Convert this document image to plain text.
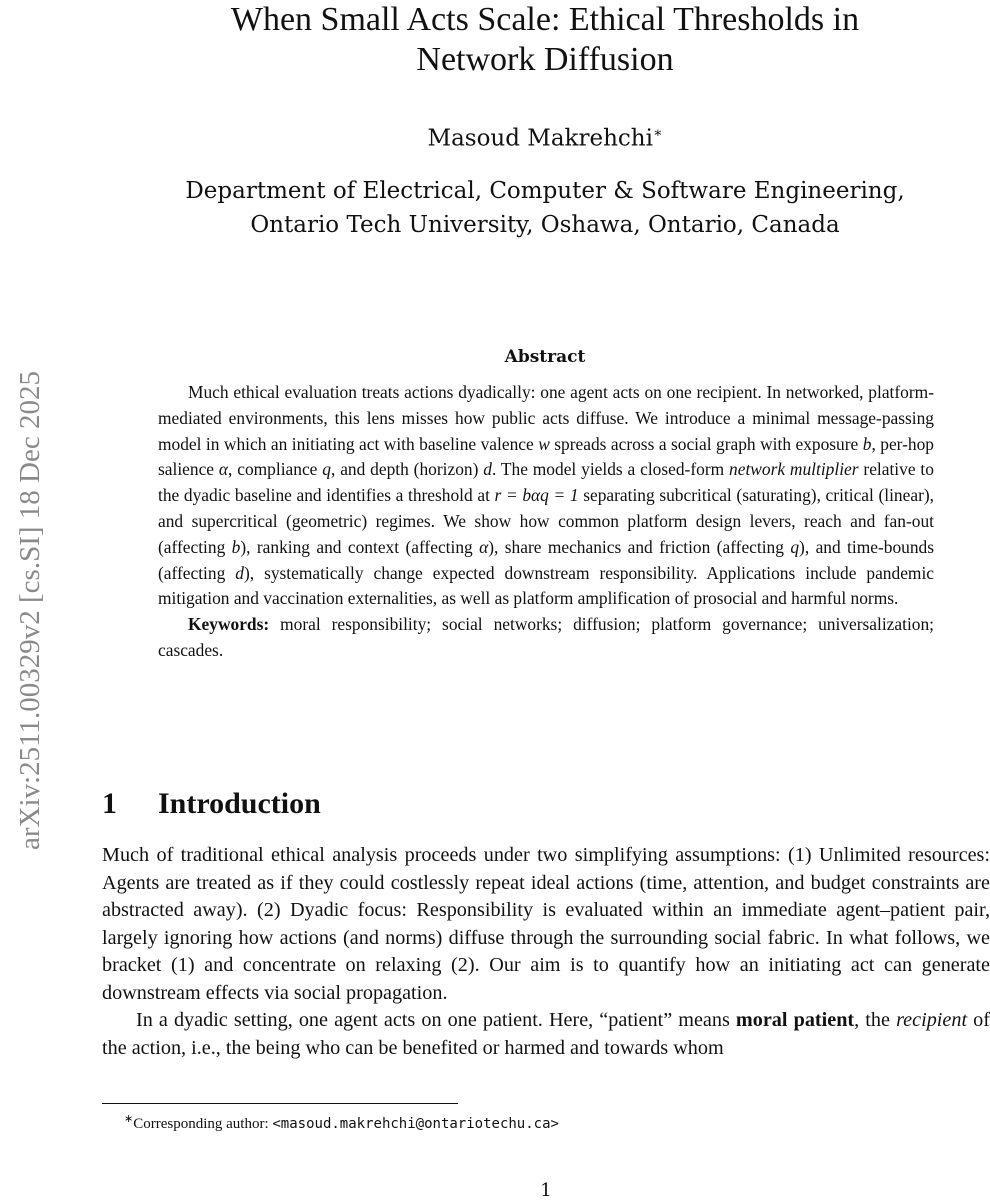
arXiv:2511.00329v2 [cs.SI] 18 Dec 2025
When Small Acts Scale: Ethical Thresholds in
Network Diffusion
Masoud Makrehchi∗
Department of Electrical, Computer & Software Engineering,
Ontario Tech University, Oshawa, Ontario, Canada
Abstract

Much ethical evaluation treats actions dyadically: one agent acts on one recipient. In networked, platform-mediated environments, this lens misses how public acts diffuse. We introduce a minimal message-passing model in which an initiating act with baseline valence w spreads across a social graph with exposure b, per-hop salience α, compliance q, and depth (horizon) d. The model yields a closed-form network multiplier relative to the dyadic baseline and identifies a threshold at r = bαq = 1 separating subcritical (saturating), critical (linear), and supercritical (geometric) regimes. We show how common platform design levers, reach and fan-out (affecting b), ranking and context (affecting α), share mechanics and friction (affecting q), and time-bounds (affecting d), systematically change expected downstream responsibility. Applications include pandemic mitigation and vaccination externalities, as well as platform amplification of prosocial and harmful norms.

Keywords: moral responsibility; social networks; diffusion; platform governance; universalization; cascades.

1 Introduction

Much of traditional ethical analysis proceeds under two simplifying assumptions: (1) Unlimited resources: Agents are treated as if they could costlessly repeat ideal actions (time, attention, and budget constraints are abstracted away). (2) Dyadic focus: Responsibility is evaluated within an immediate agent–patient pair, largely ignoring how actions (and norms) diffuse through the surrounding social fabric. In what follows, we bracket (1) and concentrate on relaxing (2). Our aim is to quantify how an initiating act can generate downstream effects via social propagation.

In a dyadic setting, one agent acts on one patient. Here, “patient” means moral patient, the recipient of the action, i.e., the being who can be benefited or harmed and towards whom

∗Corresponding author: <masoud.makrehchi@ontariotechu.ca>
1
